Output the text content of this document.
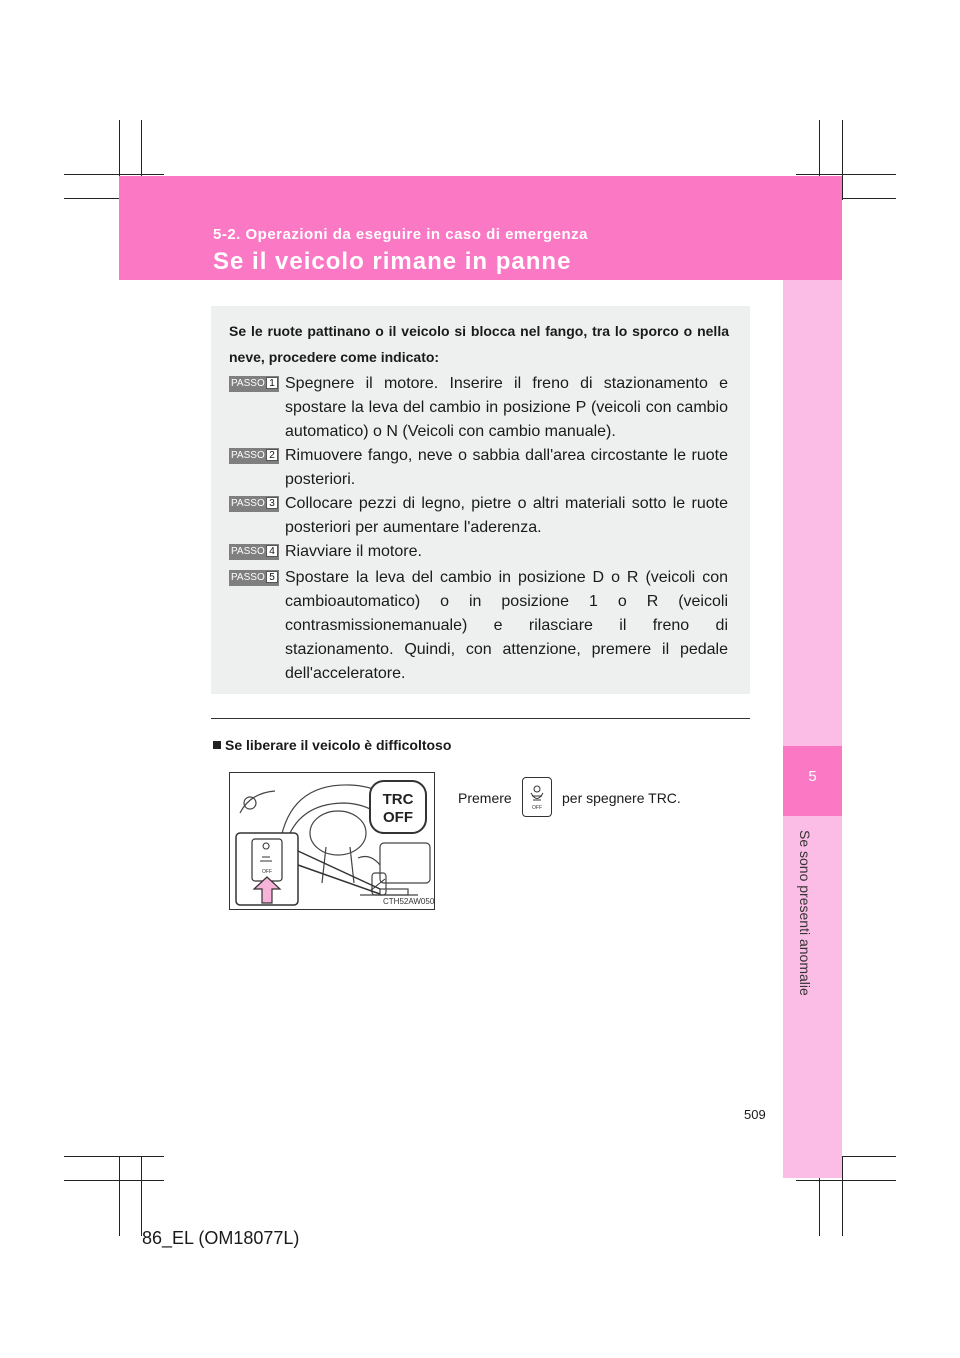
5-2. Operazioni da eseguire in caso di emergenza
Se il veicolo rimane in panne
5
Se sono presenti anomalie
Se le ruote pattinano o il veicolo si blocca nel fango, tra lo sporco o nella neve, procedere come indicato:
PASSO 1 Spegnere il motore. Inserire il freno di stazionamento e spostare la leva del cambio in posizione P (veicoli con cambio automatico) o N (Veicoli con cambio manuale).
PASSO 2 Rimuovere fango, neve o sabbia dall'area circostante le ruote posteriori.
PASSO 3 Collocare pezzi di legno, pietre o altri materiali sotto le ruote posteriori per aumentare l'aderenza.
PASSO 4 Riavviare il motore.
PASSO 5 Spostare la leva del cambio in posizione D o R (veicoli con cambioautomatico) o in posizione 1 o R (veicoli contrasmissionemanuale) e rilasciare il freno di stazionamento. Quindi, con attenzione, premere il pedale dell'acceleratore.
Se liberare il veicolo è difficoltoso
OFF
TRC
OFF
CTH52AW050
Premere
OFF
per spegnere TRC.
509
86_EL (OM18077L)
